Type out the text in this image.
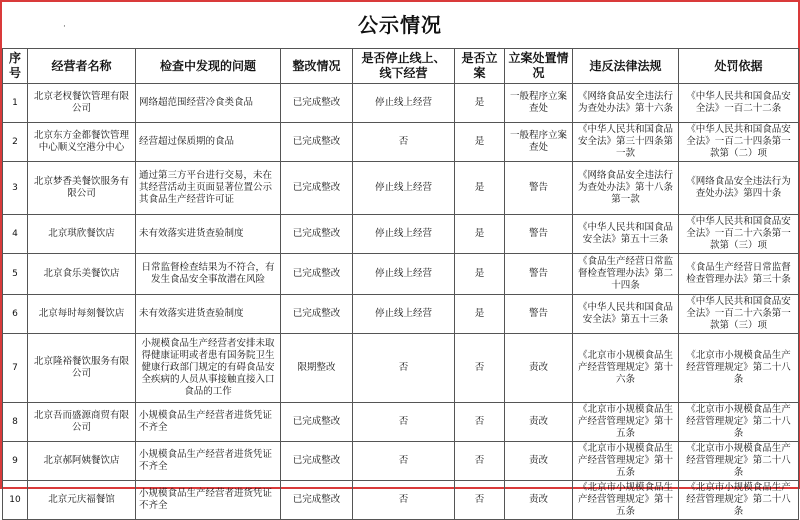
公示情况
·
序号	经营者名称	检查中发现的问题	整改情况	是否停止线上、线下经营	是否立案	立案处置情况	违反法律法规	处罚依据
1	北京老杈餐饮管理有限公司	网络超范围经营冷食类食品	已完成整改	停止线上经营	是	一般程序立案查处	《网络食品安全违法行为查处办法》第十六条	《中华人民共和国食品安全法》一百二十二条
2	北京东方金都餐饮管理中心顺义空港分中心	经营超过保质期的食品	已完成整改	否	是	一般程序立案查处	《中华人民共和国食品安全法》第三十四条第一款	《中华人民共和国食品安全法》一百二十四条第一款第（二）项
3	北京梦香美餐饮服务有限公司	通过第三方平台进行交易，未在其经营活动主页面显著位置公示其食品生产经营许可证	已完成整改	停止线上经营	是	警告	《网络食品安全违法行为查处办法》第十八条第一款	《网络食品安全违法行为查处办法》第四十条
4	北京琪欣餐饮店	未有效落实进货查验制度	已完成整改	停止线上经营	是	警告	《中华人民共和国食品安全法》第五十三条	《中华人民共和国食品安全法》一百二十六条第一款第（三）项
5	北京食乐美餐饮店	日常监督检查结果为不符合，有发生食品安全事故潜在风险	已完成整改	停止线上经营	是	警告	《食品生产经营日常监督检查管理办法》第二十四条	《食品生产经营日常监督检查管理办法》第三十条
6	北京每时每刻餐饮店	未有效落实进货查验制度	已完成整改	停止线上经营	是	警告	《中华人民共和国食品安全法》第五十三条	《中华人民共和国食品安全法》一百二十六条第一款第（三）项
7	北京隆裕餐饮服务有限公司	小规模食品生产经营者安排未取得健康证明或者患有国务院卫生健康行政部门规定的有碍食品安全疾病的人员从事接触直接入口食品的工作	限期整改	否	否	责改	《北京市小规模食品生产经营管理规定》第十六条	《北京市小规模食品生产经营管理规定》第二十八条
8	北京吾而盛源商贸有限公司	小规模食品生产经营者进货凭证不齐全	已完成整改	否	否	责改	《北京市小规模食品生产经营管理规定》第十五条	《北京市小规模食品生产经营管理规定》第二十八条
9	北京郝阿姨餐饮店	小规模食品生产经营者进货凭证不齐全	已完成整改	否	否	责改	《北京市小规模食品生产经营管理规定》第十五条	《北京市小规模食品生产经营管理规定》第二十八条
10	北京元庆福餐馆	小规模食品生产经营者进货凭证不齐全	已完成整改	否	否	责改	《北京市小规模食品生产经营管理规定》第十五条	《北京市小规模食品生产经营管理规定》第二十八条
